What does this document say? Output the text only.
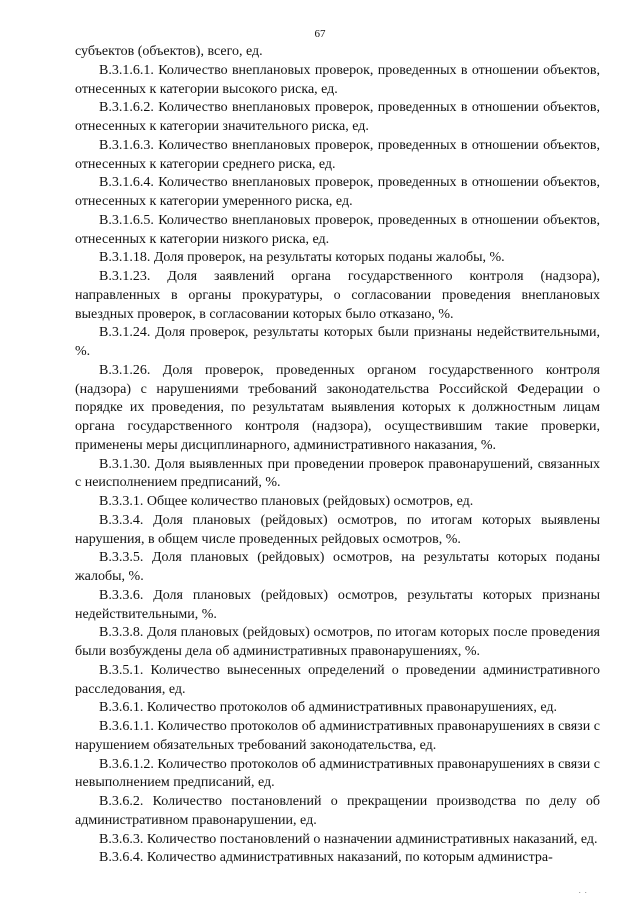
67

субъектов (объектов), всего, ед.

В.3.1.6.1. Количество внеплановых проверок, проведенных в отношении объектов, отнесенных к категории высокого риска, ед.

В.3.1.6.2. Количество внеплановых проверок, проведенных в отношении объектов, отнесенных к категории значительного риска, ед.

В.3.1.6.3. Количество внеплановых проверок, проведенных в отношении объектов, отнесенных к категории среднего риска, ед.

В.3.1.6.4. Количество внеплановых проверок, проведенных в отношении объектов, отнесенных к категории умеренного риска, ед.

В.3.1.6.5. Количество внеплановых проверок, проведенных в отношении объектов, отнесенных к категории низкого риска, ед.

В.3.1.18. Доля проверок, на результаты которых поданы жалобы, %.

В.3.1.23. Доля заявлений органа государственного контроля (надзора), направленных в органы прокуратуры, о согласовании проведения внеплановых выездных проверок, в согласовании которых было отказано, %.

В.3.1.24. Доля проверок, результаты которых были признаны недействительными, %.

В.3.1.26. Доля проверок, проведенных органом государственного контроля (надзора) с нарушениями требований законодательства Российской Федерации о порядке их проведения, по результатам выявления которых к должностным лицам органа государственного контроля (надзора), осуществившим такие проверки, применены меры дисциплинарного, административного наказания, %.

В.3.1.30. Доля выявленных при проведении проверок правонарушений, связанных с неисполнением предписаний, %.

В.3.3.1. Общее количество плановых (рейдовых) осмотров, ед.

В.3.3.4. Доля плановых (рейдовых) осмотров, по итогам которых выявлены нарушения, в общем числе проведенных рейдовых осмотров, %.

В.3.3.5. Доля плановых (рейдовых) осмотров, на результаты которых поданы жалобы, %.

В.3.3.6. Доля плановых (рейдовых) осмотров, результаты которых признаны недействительными, %.

В.3.3.8. Доля плановых (рейдовых) осмотров, по итогам которых после проведения были возбуждены дела об административных правонарушениях, %.

В.3.5.1. Количество вынесенных определений о проведении административного расследования, ед.

В.3.6.1. Количество протоколов об административных правонарушениях, ед.

В.3.6.1.1. Количество протоколов об административных правонарушениях в связи с нарушением обязательных требований законодательства, ед.

В.3.6.1.2. Количество протоколов об административных правонарушениях в связи с невыполнением предписаний, ед.

В.3.6.2. Количество постановлений о прекращении производства по делу об административном правонарушении, ед.

В.3.6.3. Количество постановлений о назначении административных наказаний, ед.

В.3.6.4. Количество административных наказаний, по которым администра-

· ·
